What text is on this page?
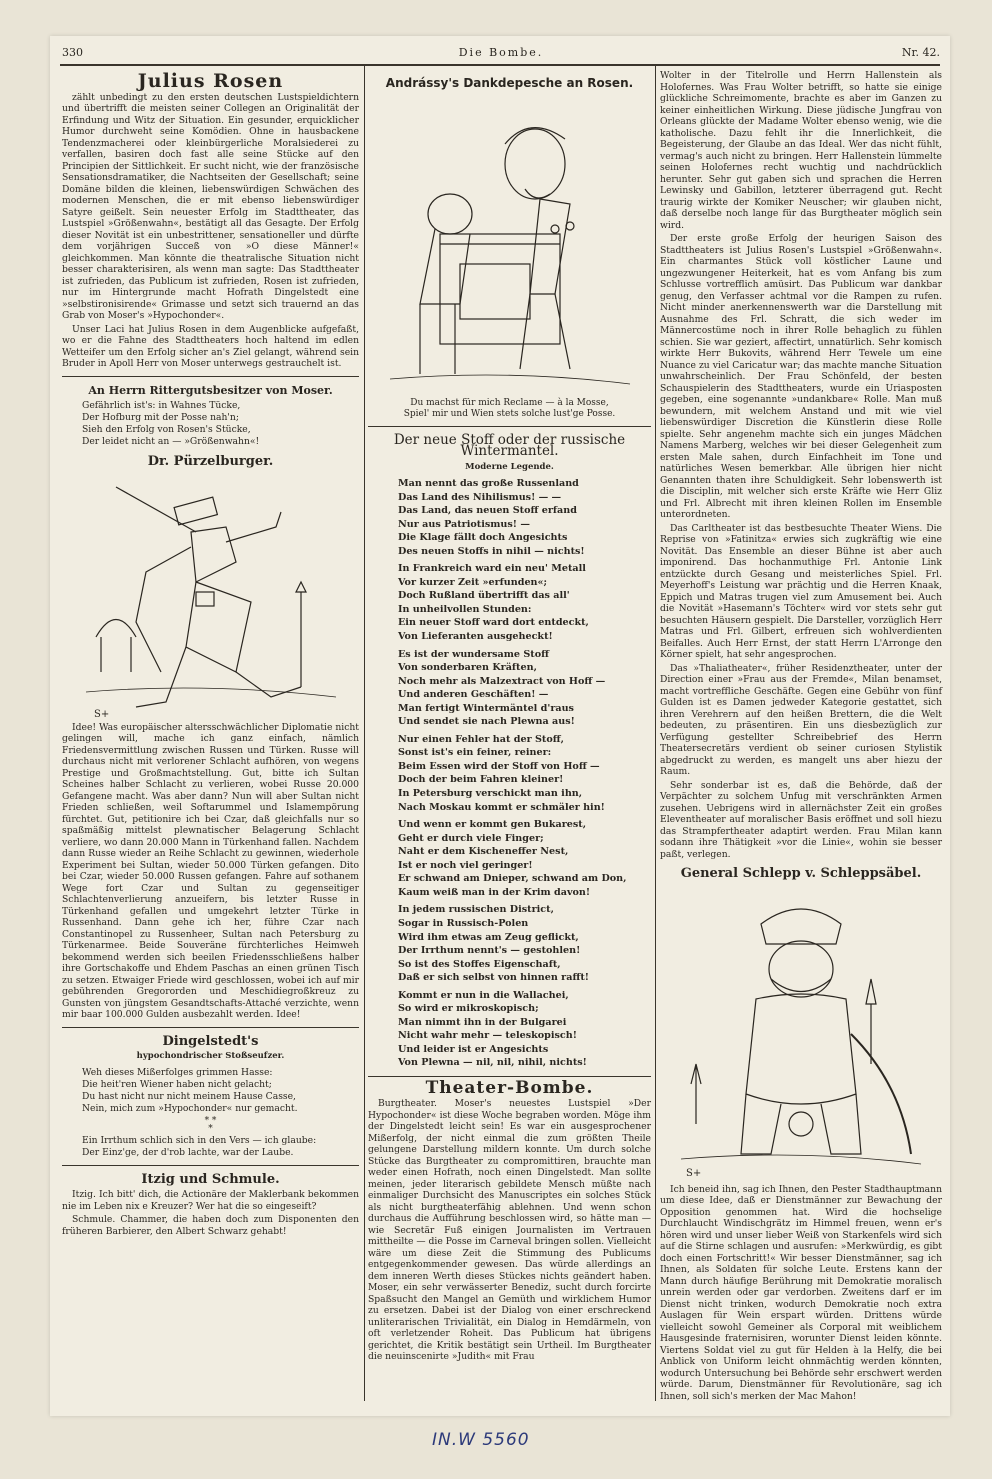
330	Die Bombe.	Nr. 42.
Julius Rosen

zählt unbedingt zu den ersten deutschen Lustspieldichtern und übertrifft die meisten seiner Collegen an Originalität der Erfindung und Witz der Situation. Ein gesunder, erquicklicher Humor durchweht seine Komödien. Ohne in hausbackene Tendenzmacherei oder kleinbürgerliche Moralsiederei zu verfallen, basiren doch fast alle seine Stücke auf den Principien der Sittlichkeit. Er sucht nicht, wie der französische Sensationsdramatiker, die Nachtseiten der Gesellschaft; seine Domäne bilden die kleinen, liebenswürdigen Schwächen des modernen Menschen, die er mit ebenso liebenswürdiger Satyre geißelt. Sein neuester Erfolg im Stadttheater, das Lustspiel »Größenwahn«, bestätigt all das Gesagte. Der Erfolg dieser Novität ist ein unbestrittener, sensationeller und dürfte dem vorjährigen Succeß von »O diese Männer!« gleichkommen. Man könnte die theatralische Situation nicht besser charakterisiren, als wenn man sagte: Das Stadttheater ist zufrieden, das Publicum ist zufrieden, Rosen ist zufrieden, nur im Hintergrunde macht Hofrath Dingelstedt eine »selbstironisirende« Grimasse und setzt sich trauernd an das Grab von Moser's »Hypochonder«.

Unser Laci hat Julius Rosen in dem Augenblicke aufgefaßt, wo er die Fahne des Stadttheaters hoch haltend im edlen Wetteifer um den Erfolg sicher an's Ziel gelangt, während sein Bruder in Apoll Herr von Moser unterwegs gestrauchelt ist.

An Herrn Rittergutsbesitzer von Moser.
Gefährlich ist's: in Wahnes Tücke,
Der Hofburg mit der Posse nah'n;
Sieh den Erfolg von Rosen's Stücke,
Der leidet nicht an — »Größenwahn«!
Dr. Pürzelburger.
S+

Idee! Was europäischer altersschwächlicher Diplomatie nicht gelingen will, mache ich ganz einfach, nämlich Friedensvermittlung zwischen Russen und Türken. Russe will durchaus nicht mit verlorener Schlacht aufhören, von wegens Prestige und Großmachtstellung. Gut, bitte ich Sultan Scheines halber Schlacht zu verlieren, wobei Russe 20.000 Gefangene macht. Was aber dann? Nun will aber Sultan nicht Frieden schließen, weil Softarummel und Islamempörung fürchtet. Gut, petitionire ich bei Czar, daß gleichfalls nur so spaßmäßig mittelst plewnatischer Belagerung Schlacht verliere, wo dann 20.000 Mann in Türkenhand fallen. Nachdem dann Russe wieder an Reihe Schlacht zu gewinnen, wiederhole Experiment bei Sultan, wieder 50.000 Türken gefangen. Dito bei Czar, wieder 50.000 Russen gefangen. Fahre auf sothanem Wege fort Czar und Sultan zu gegenseitiger Schlachtenverlierung anzueifern, bis letzter Russe in Türkenhand gefallen und umgekehrt letzter Türke in Russenhand. Dann gehe ich her, führe Czar nach Constantinopel zu Russenheer, Sultan nach Petersburg zu Türkenarmee. Beide Souveräne fürchterliches Heimweh bekommend werden sich beeilen Friedensschließens halber ihre Gortschakoffe und Ehdem Paschas an einen grünen Tisch zu setzen. Etwaiger Friede wird geschlossen, wobei ich auf mir gebührenden Gregororden und Meschidiegroßkreuz zu Gunsten von jüngstem Gesandtschafts-Attaché verzichte, wenn mir baar 100.000 Gulden ausbezahlt werden. Idee!

Dingelstedt's
hypochondrischer Stoßseufzer.
Weh dieses Mißerfolges grimmen Hasse:
Die heit'ren Wiener haben nicht gelacht;
Du hast nicht nur nicht meinem Hause Casse,
Nein, mich zum »Hypochonder« nur gemacht.
* *
*
Ein Irrthum schlich sich in den Vers — ich glaube:
Der Einz'ge, der d'rob lachte, war der Laube.
Itzig und Schmule.

Itzig. Ich bitt' dich, die Actionäre der Maklerbank bekommen nie im Leben nix e Kreuzer? Wer hat die so eingeseift?

Schmule. Chammer, die haben doch zum Disponenten den früheren Barbierer, den Albert Schwarz gehabt!

Andrássy's Dankdepesche an Rosen.
Du machst für mich Reclame — à la Mosse,
Spiel' mir und Wien stets solche lust'ge Posse.
Der neue Stoff oder der russische Wintermantel.
Moderne Legende.
Man nennt das große Russenland
Das Land des Nihilismus! — —
Das Land, das neuen Stoff erfand
Nur aus Patriotismus! —
Die Klage fällt doch Angesichts
Des neuen Stoffs in nihil — nichts!
In Frankreich ward ein neu' Metall
Vor kurzer Zeit »erfunden«;
Doch Rußland übertrifft das all'
In unheilvollen Stunden:
Ein neuer Stoff ward dort entdeckt,
Von Lieferanten ausgeheckt!
Es ist der wundersame Stoff
Von sonderbaren Kräften,
Noch mehr als Malzextract von Hoff —
Und anderen Geschäften! —
Man fertigt Wintermäntel d'raus
Und sendet sie nach Plewna aus!
Nur einen Fehler hat der Stoff,
Sonst ist's ein feiner, reiner:
Beim Essen wird der Stoff von Hoff —
Doch der beim Fahren kleiner!
In Petersburg verschickt man ihn,
Nach Moskau kommt er schmäler hin!
Und wenn er kommt gen Bukarest,
Geht er durch viele Finger;
Naht er dem Kischeneffer Nest,
Ist er noch viel geringer!
Er schwand am Dnieper, schwand am Don,
Kaum weiß man in der Krim davon!
In jedem russischen District,
Sogar in Russisch-Polen
Wird ihm etwas am Zeug geflickt,
Der Irrthum nennt's — gestohlen!
So ist des Stoffes Eigenschaft,
Daß er sich selbst von hinnen rafft!
Kommt er nun in die Wallachei,
So wird er mikroskopisch;
Man nimmt ihn in der Bulgarei
Nicht wahr mehr — teleskopisch!
Und leider ist er Angesichts
Von Plewna — nil, nil, nihil, nichts!
Theater-Bombe.

Burgtheater. Moser's neuestes Lustspiel »Der Hypochonder« ist diese Woche begraben worden. Möge ihm der Dingelstedt leicht sein! Es war ein ausgesprochener Mißerfolg, der nicht einmal die zum größten Theile gelungene Darstellung mildern konnte. Um durch solche Stücke das Burgtheater zu compromittiren, brauchte man weder einen Hofrath, noch einen Dingelstedt. Man sollte meinen, jeder literarisch gebildete Mensch müßte nach einmaliger Durchsicht des Manuscriptes ein solches Stück als nicht burgtheaterfähig ablehnen. Und wenn schon durchaus die Aufführung beschlossen wird, so hätte man — wie Secretär Fuß einigen Journalisten im Vertrauen mittheilte — die Posse im Carneval bringen sollen. Vielleicht wäre um diese Zeit die Stimmung des Publicums entgegenkommender gewesen. Das würde allerdings an dem inneren Werth dieses Stückes nichts geändert haben. Moser, ein sehr verwässerter Benediz, sucht durch forcirte Spaßsucht den Mangel an Gemüth und wirklichem Humor zu ersetzen. Dabei ist der Dialog von einer erschreckend unliterarischen Trivialität, ein Dialog in Hemdärmeln, von oft verletzender Roheit. Das Publicum hat übrigens gerichtet, die Kritik bestätigt sein Urtheil. Im Burgtheater die neuinscenirte »Judith« mit Frau

Wolter in der Titelrolle und Herrn Hallenstein als Holofernes. Was Frau Wolter betrifft, so hatte sie einige glückliche Schreimomente, brachte es aber im Ganzen zu keiner einheitlichen Wirkung. Diese jüdische Jungfrau von Orleans glückte der Madame Wolter ebenso wenig, wie die katholische. Dazu fehlt ihr die Innerlichkeit, die Begeisterung, der Glaube an das Ideal. Wer das nicht fühlt, vermag's auch nicht zu bringen. Herr Hallenstein lümmelte seinen Holofernes recht wuchtig und nachdrücklich herunter. Sehr gut gaben sich und sprachen die Herren Lewinsky und Gabillon, letzterer überragend gut. Recht traurig wirkte der Komiker Neuscher; wir glauben nicht, daß derselbe noch lange für das Burgtheater möglich sein wird.

Der erste große Erfolg der heurigen Saison des Stadttheaters ist Julius Rosen's Lustspiel »Größenwahn«. Ein charmantes Stück voll köstlicher Laune und ungezwungener Heiterkeit, hat es vom Anfang bis zum Schlusse vortrefflich amüsirt. Das Publicum war dankbar genug, den Verfasser achtmal vor die Rampen zu rufen. Nicht minder anerkennenswerth war die Darstellung mit Ausnahme des Frl. Schratt, die sich weder im Männercostüme noch in ihrer Rolle behaglich zu fühlen schien. Sie war geziert, affectirt, unnatürlich. Sehr komisch wirkte Herr Bukovits, während Herr Tewele um eine Nuance zu viel Caricatur war; das machte manche Situation unwahrscheinlich. Der Frau Schönfeld, der besten Schauspielerin des Stadttheaters, wurde ein Uriasposten gegeben, eine sogenannte »undankbare« Rolle. Man muß bewundern, mit welchem Anstand und mit wie viel liebenswürdiger Discretion die Künstlerin diese Rolle spielte. Sehr angenehm machte sich ein junges Mädchen Namens Marberg, welches wir bei dieser Gelegenheit zum ersten Male sahen, durch Einfachheit im Tone und natürliches Wesen bemerkbar. Alle übrigen hier nicht Genannten thaten ihre Schuldigkeit. Sehr lobenswerth ist die Disciplin, mit welcher sich erste Kräfte wie Herr Gliz und Frl. Albrecht mit ihren kleinen Rollen im Ensemble unterordneten.

Das Carltheater ist das bestbesuchte Theater Wiens. Die Reprise von »Fatinitza« erwies sich zugkräftig wie eine Novität. Das Ensemble an dieser Bühne ist aber auch imponirend. Das hochanmuthige Frl. Antonie Link entzückte durch Gesang und meisterliches Spiel. Frl. Meyerhoff's Leistung war prächtig und die Herren Knaak, Eppich und Matras trugen viel zum Amusement bei. Auch die Novität »Hasemann's Töchter« wird vor stets sehr gut besuchten Häusern gespielt. Die Darsteller, vorzüglich Herr Matras und Frl. Gilbert, erfreuen sich wohlverdienten Beifalles. Auch Herr Ernst, der statt Herrn L'Arronge den Körner spielt, hat sehr angesprochen.

Das »Thaliatheater«, früher Residenztheater, unter der Direction einer »Frau aus der Fremde«, Milan benamset, macht vortreffliche Geschäfte. Gegen eine Gebühr von fünf Gulden ist es Damen jedweder Kategorie gestattet, sich ihren Verehrern auf den heißen Brettern, die die Welt bedeuten, zu präsentiren. Ein uns diesbezüglich zur Verfügung gestellter Schreibebrief des Herrn Theatersecretärs verdient ob seiner curiosen Stylistik abgedruckt zu werden, es mangelt uns aber hiezu der Raum.

Sehr sonderbar ist es, daß die Behörde, daß der Verpächter zu solchem Unfug mit verschränkten Armen zusehen. Uebrigens wird in allernächster Zeit ein großes Eleventheater auf moralischer Basis eröffnet und soll hiezu das Strampfertheater adaptirt werden. Frau Milan kann sodann ihre Thätigkeit »vor die Linie«, wohin sie besser paßt, verlegen.

General Schlepp v. Schleppsäbel.
S+

Ich beneid ihn, sag ich Ihnen, den Pester Stadthauptmann um diese Idee, daß er Dienstmänner zur Bewachung der Opposition genommen hat. Wird die hochselige Durchlaucht Windischgrätz im Himmel freuen, wenn er's hören wird und unser lieber Weiß von Starkenfels wird sich auf die Stirne schlagen und ausrufen: »Merkwürdig, es gibt doch einen Fortschritt!« Wir besser Dienstmänner, sag ich Ihnen, als Soldaten für solche Leute. Erstens kann der Mann durch häufige Berührung mit Demokratie moralisch unrein werden oder gar verdorben. Zweitens darf er im Dienst nicht trinken, wodurch Demokratie noch extra Auslagen für Wein erspart würden. Drittens würde vielleicht sowohl Gemeiner als Corporal mit weiblichem Hausgesinde fraternisiren, worunter Dienst leiden könnte. Viertens Soldat viel zu gut für Helden à la Helfy, die bei Anblick von Uniform leicht ohnmächtig werden könnten, wodurch Untersuchung bei Behörde sehr erschwert werden würde. Darum, Dienstmänner für Revolutionäre, sag ich Ihnen, soll sich's merken der Mac Mahon!

IN.W 5560
